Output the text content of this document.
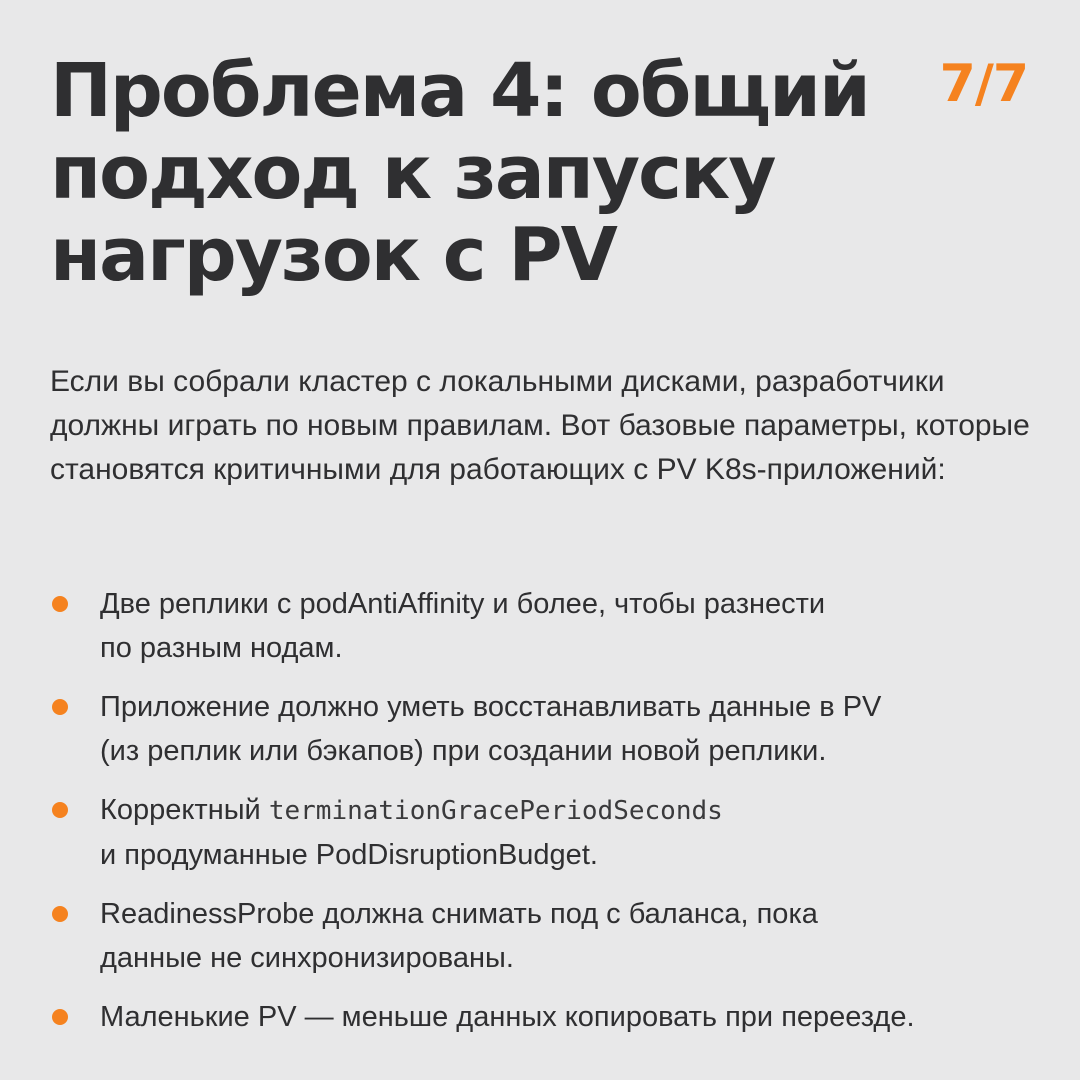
Проблема 4: общий
подход к запуску
нагрузок с PV
7/7

Если вы собрали кластер с локальными дисками, разработчики должны играть по новым правилам. Вот базовые параметры, которые становятся критичными для работающих с PV K8s-приложений:

Две реплики с podAntiAffinity и более, чтобы разнести
по разным нодам.
Приложение должно уметь восстанавливать данные в PV
(из реплик или бэкапов) при создании новой реплики.
Корректный terminationGracePeriodSeconds
и продуманные PodDisruptionBudget.
ReadinessProbe должна снимать под с баланса, пока
данные не синхронизированы.
Маленькие PV — меньше данных копировать при переезде.
